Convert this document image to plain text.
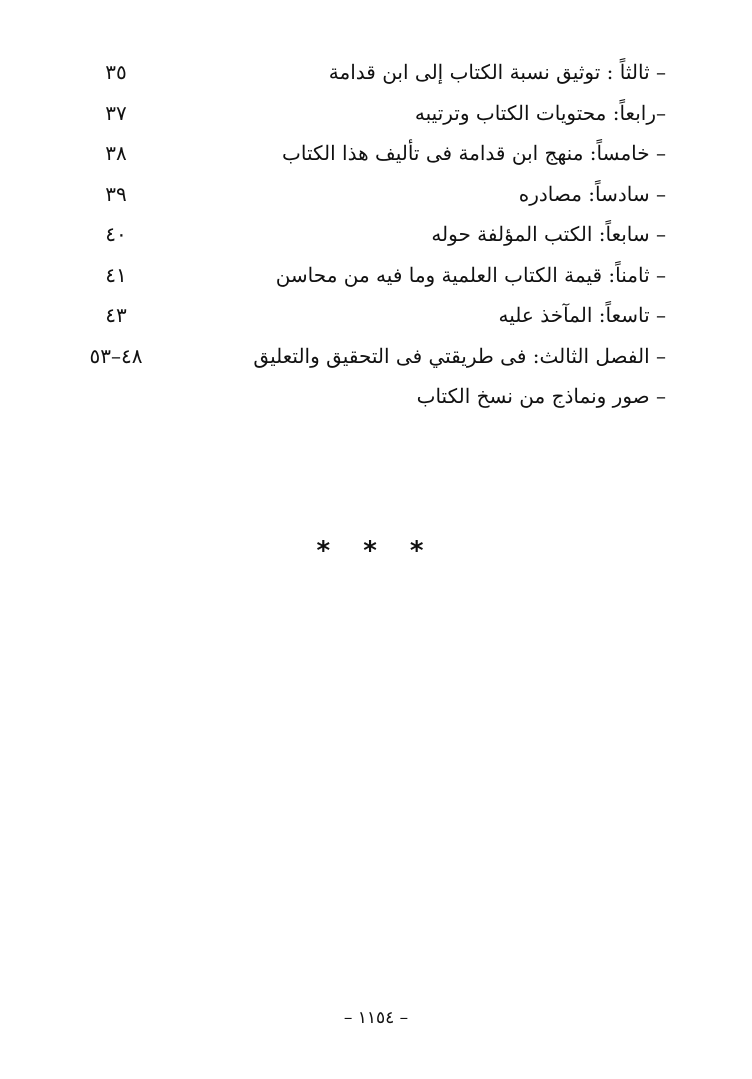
– ثالثاً : توثيق نسبة الكتاب إلى ابن قدامة
٣٥
–رابعاً: محتويات الكتاب وترتيبه
٣٧
– خامساً: منهج ابن قدامة فى تأليف هذا الكتاب
٣٨
– سادساً: مصادره
٣٩
– سابعاً: الكتب المؤلفة حوله
٤٠
– ثامناً: قيمة الكتاب العلمية وما فيه من محاسن
٤١
– تاسعاً: المآخذ عليه
٤٣
– الفصل الثالث: فى طريقتي فى التحقيق والتعليق
٤٨–٥٣
– صور ونماذج من نسخ الكتاب
* * *
– ١١٥٤ –
